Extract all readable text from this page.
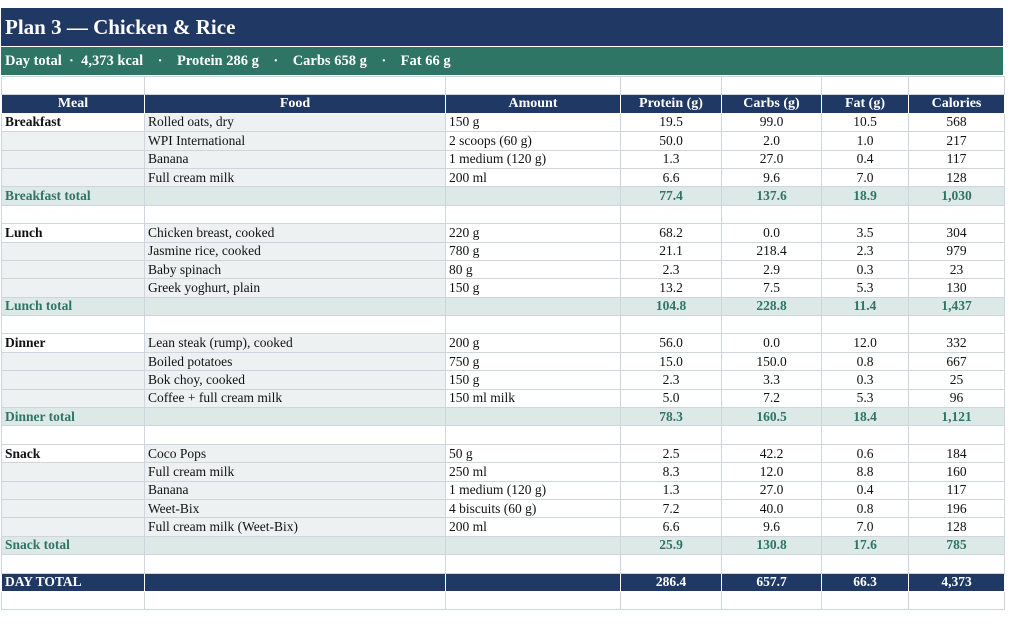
Plan 3 — Chicken & Rice
Day total  ·  4,373 kcal    ·    Protein 286 g    ·    Carbs 658 g    ·    Fat 66 g

Meal	Food	Amount	Protein (g)	Carbs (g)	Fat (g)	Calories
Breakfast	Rolled oats, dry	150 g	19.5	99.0	10.5	568
	WPI International	2 scoops (60 g)	50.0	2.0	1.0	217
	Banana	1 medium (120 g)	1.3	27.0	0.4	117
	Full cream milk	200 ml	6.6	9.6	7.0	128
Breakfast total			77.4	137.6	18.9	1,030

Lunch	Chicken breast, cooked	220 g	68.2	0.0	3.5	304
	Jasmine rice, cooked	780 g	21.1	218.4	2.3	979
	Baby spinach	80 g	2.3	2.9	0.3	23
	Greek yoghurt, plain	150 g	13.2	7.5	5.3	130
Lunch total			104.8	228.8	11.4	1,437

Dinner	Lean steak (rump), cooked	200 g	56.0	0.0	12.0	332
	Boiled potatoes	750 g	15.0	150.0	0.8	667
	Bok choy, cooked	150 g	2.3	3.3	0.3	25
	Coffee + full cream milk	150 ml milk	5.0	7.2	5.3	96
Dinner total			78.3	160.5	18.4	1,121

Snack	Coco Pops	50 g	2.5	42.2	0.6	184
	Full cream milk	250 ml	8.3	12.0	8.8	160
	Banana	1 medium (120 g)	1.3	27.0	0.4	117
	Weet-Bix	4 biscuits (60 g)	7.2	40.0	0.8	196
	Full cream milk (Weet-Bix)	200 ml	6.6	9.6	7.0	128
Snack total			25.9	130.8	17.6	785

DAY TOTAL			286.4	657.7	66.3	4,373
